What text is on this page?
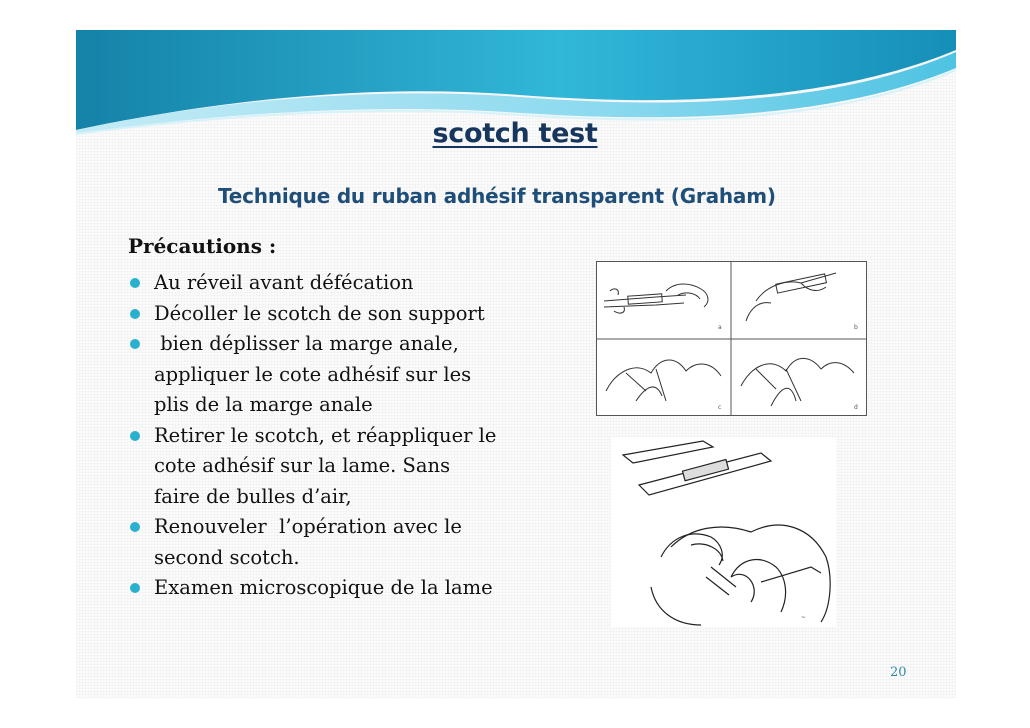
scotch test
Technique du ruban adhésif transparent (Graham)
Précautions :
Au réveil avant défécation
Décoller le scotch de son support
bien déplisser la marge anale, appliquer le cote adhésif sur les plis de la marge anale
Retirer le scotch, et réappliquer le cote adhésif sur la lame. Sans faire de bulles d’air,
Renouveler  l’opération avec le second scotch.
Examen microscopique de la lame
a	b
c	d
~
20
